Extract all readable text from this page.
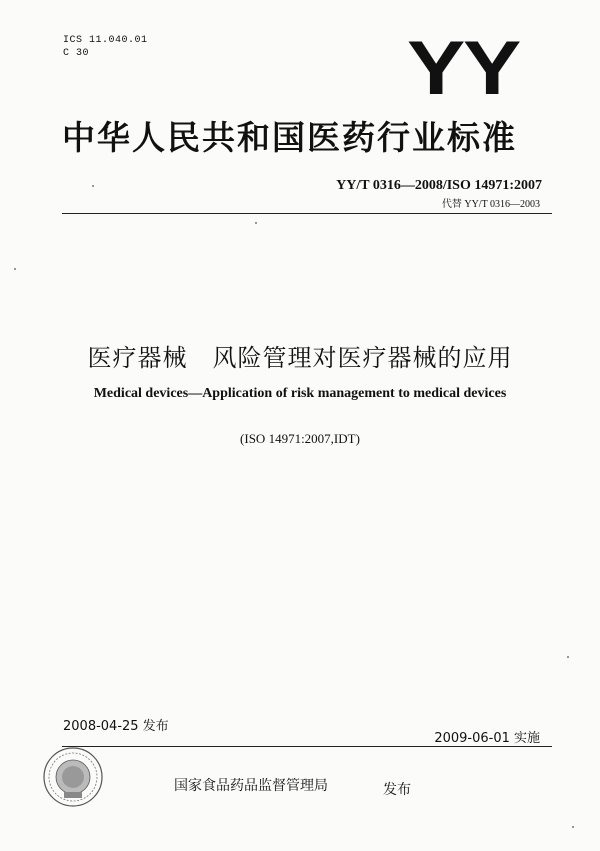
ICS 11.040.01
C 30	YY
中华人民共和国医药行业标准
YY/T 0316—2008/ISO 14971:2007
代替 YY/T 0316—2003
医疗器械　风险管理对医疗器械的应用
Medical devices—Application of risk management to medical devices
(ISO 14971:2007,IDT)
2008-04-25 发布
2009-06-01 实施
国家食品药品监督管理局	发布
